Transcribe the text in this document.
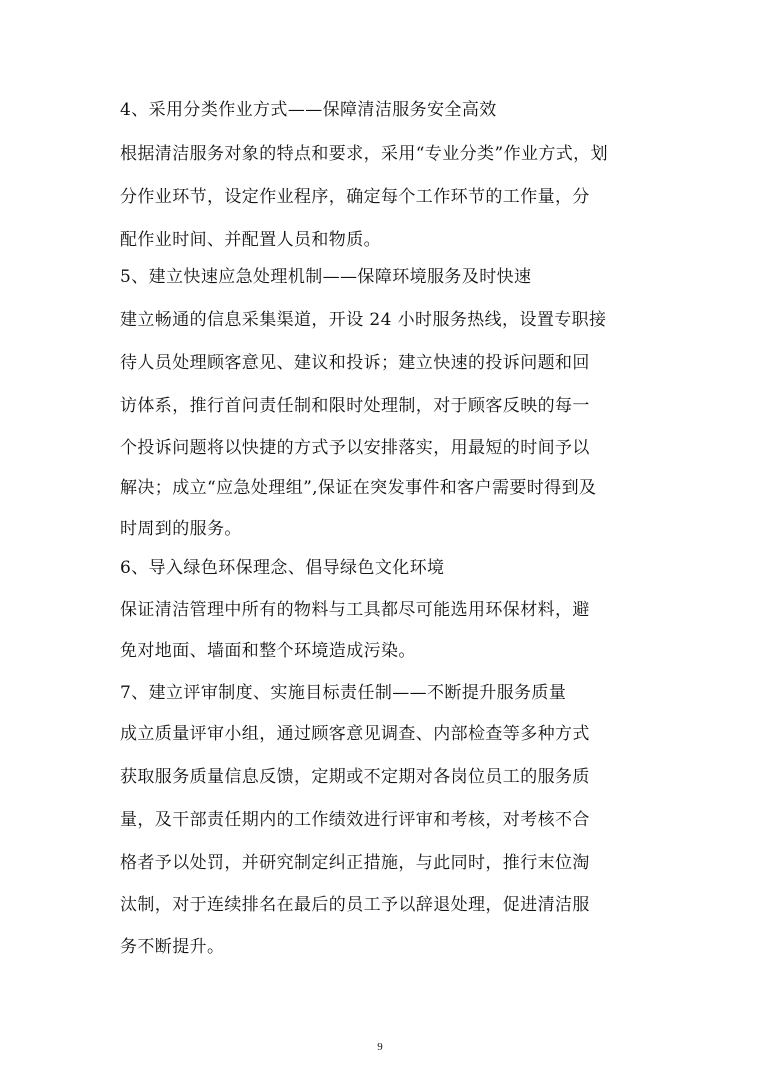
4、采用分类作业方式——保障清洁服务安全高效
根据清洁服务对象的特点和要求，采用“专业分类”作业方式，划
分作业环节，设定作业程序，确定每个工作环节的工作量，分
配作业时间、并配置人员和物质。
5、建立快速应急处理机制——保障环境服务及时快速
建立畅通的信息采集渠道，开设 24 小时服务热线，设置专职接
待人员处理顾客意见、建议和投诉；建立快速的投诉问题和回
访体系，推行首问责任制和限时处理制，对于顾客反映的每一
个投诉问题将以快捷的方式予以安排落实，用最短的时间予以
解决；成立“应急处理组”,保证在突发事件和客户需要时得到及
时周到的服务。
6、导入绿色环保理念、倡导绿色文化环境
保证清洁管理中所有的物料与工具都尽可能选用环保材料，避
免对地面、墙面和整个环境造成污染。
7、建立评审制度、实施目标责任制——不断提升服务质量
成立质量评审小组，通过顾客意见调查、内部检查等多种方式
获取服务质量信息反馈，定期或不定期对各岗位员工的服务质
量，及干部责任期内的工作绩效进行评审和考核，对考核不合
格者予以处罚，并研究制定纠正措施，与此同时，推行末位淘
汰制，对于连续排名在最后的员工予以辞退处理，促进清洁服
务不断提升。
9
